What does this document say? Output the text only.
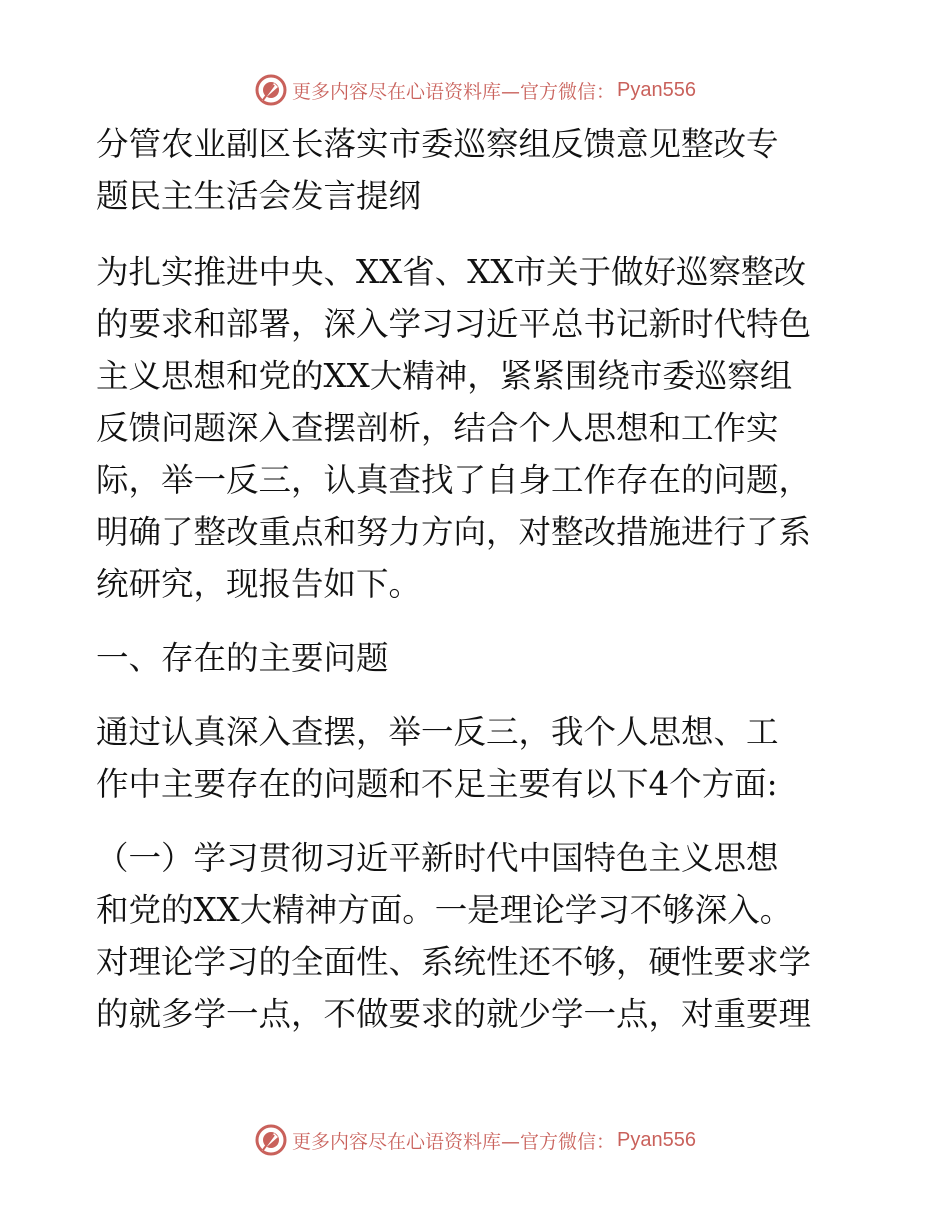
更多内容尽在心语资料库—官方微信： Pyan556
分管农业副区长落实市委巡察组反馈意见整改专
题民主生活会发言提纲
为扎实推进中央、XX省、XX市关于做好巡察整改
的要求和部署，深入学习习近平总书记新时代特色
主义思想和党的XX大精神，紧紧围绕市委巡察组
反馈问题深入查摆剖析，结合个人思想和工作实
际，举一反三，认真查找了自身工作存在的问题，
明确了整改重点和努力方向，对整改措施进行了系
统研究，现报告如下。
一、存在的主要问题
通过认真深入查摆，举一反三，我个人思想、工
作中主要存在的问题和不足主要有以下4个方面:
（一）学习贯彻习近平新时代中国特色主义思想
和党的XX大精神方面。一是理论学习不够深入。
对理论学习的全面性、系统性还不够，硬性要求学
的就多学一点，不做要求的就少学一点，对重要理
更多内容尽在心语资料库—官方微信： Pyan556
